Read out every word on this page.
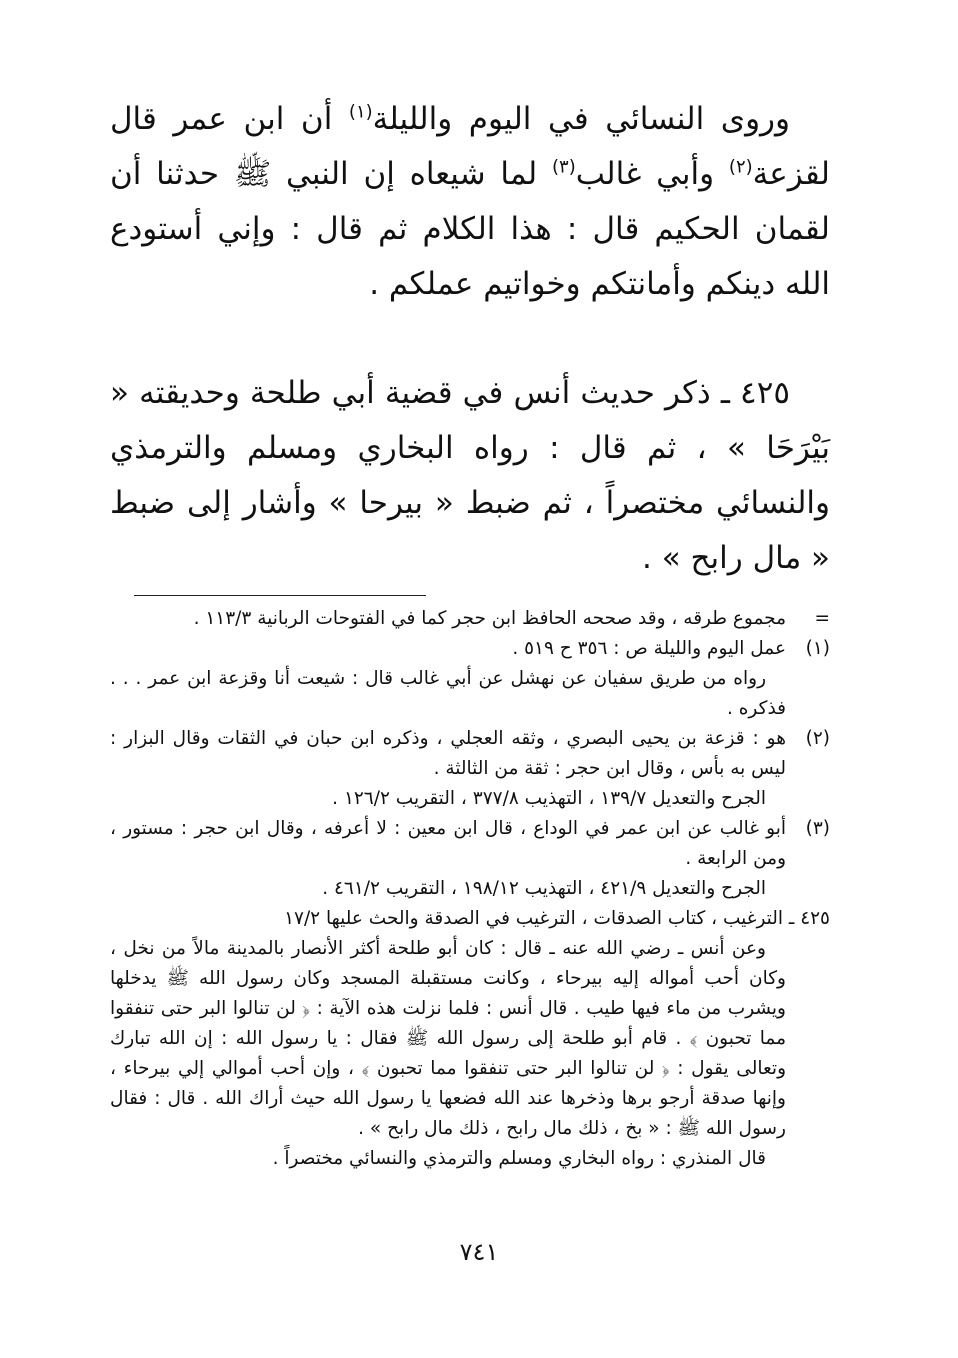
وروى النسائي في اليوم والليلة$^{(١)}$ أن ابن عمر قال لقزعة$^{(٢)}$ وأبي غالب$^{(٣)}$ لما شيعاه إن النبي ﷺ حدثنا أن لقمان الحكيم قال : هذا الكلام ثم قال : وإني أستودع الله دينكم وأمانتكم وخواتيم عملكم .

٤٢٥ ـ ذكر حديث أنس في قضية أبي طلحة وحديقته « بَيْرَحَا » ، ثم قال : رواه البخاري ومسلم والترمذي والنسائي مختصراً ، ثم ضبط « بيرحا » وأشار إلى ضبط « مال رابح » .

=

مجموع طرقه ، وقد صححه الحافظ ابن حجر كما في الفتوحات الربانية ١١٣/٣ .

(١)

عمل اليوم والليلة ص : ٣٥٦ ح ٥١٩ .

رواه من طريق سفيان عن نهشل عن أبي غالب قال : شيعت أنا وقزعة ابن عمر . . . فذكره .

(٢)

هو : قزعة بن يحيى البصري ، وثقه العجلي ، وذكره ابن حبان في الثقات وقال البزار : ليس به بأس ، وقال ابن حجر : ثقة من الثالثة .

الجرح والتعديل ١٣٩/٧ ، التهذيب ٣٧٧/٨ ، التقريب ١٢٦/٢ .

(٣)

أبو غالب عن ابن عمر في الوداع ، قال ابن معين : لا أعرفه ، وقال ابن حجر : مستور ، ومن الرابعة .

الجرح والتعديل ٤٢١/٩ ، التهذيب ١٩٨/١٢ ، التقريب ٤٦١/٢ .

٤٢٥ ـ الترغيب ، كتاب الصدقات ، الترغيب في الصدقة والحث عليها ١٧/٢

وعن أنس ـ رضي الله عنه ـ قال : كان أبو طلحة أكثر الأنصار بالمدينة مالاً من نخل ، وكان أحب أمواله إليه بيرحاء ، وكانت مستقبلة المسجد وكان رسول الله ﷺ يدخلها ويشرب من ماء فيها طيب . قال أنس : فلما نزلت هذه الآية : ﴿ لن تنالوا البر حتى تنفقوا مما تحبون ﴾ . قام أبو طلحة إلى رسول الله ﷺ فقال : يا رسول الله : إن الله تبارك وتعالى يقول : ﴿ لن تنالوا البر حتى تنفقوا مما تحبون ﴾ ، وإن أحب أموالي إلي بيرحاء ، وإنها صدقة أرجو برها وذخرها عند الله فضعها يا رسول الله حيث أراك الله . قال : فقال رسول الله ﷺ : « بخ ، ذلك مال رابح ، ذلك مال رابح » .

قال المنذري : رواه البخاري ومسلم والترمذي والنسائي مختصراً .

٧٤١
